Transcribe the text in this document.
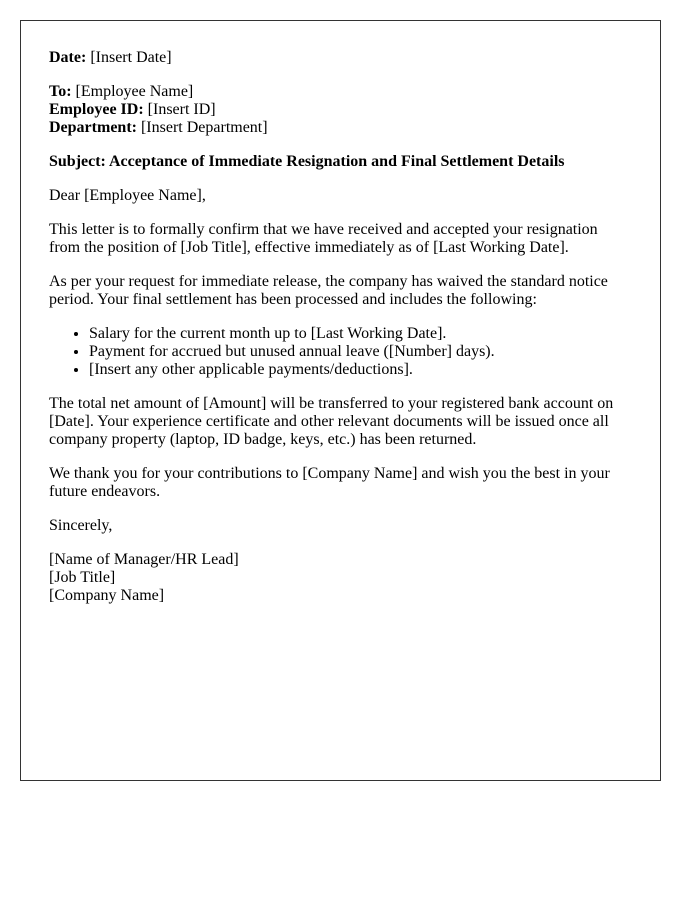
Date: [Insert Date]

To: [Employee Name]

Employee ID: [Insert ID]

Department: [Insert Department]

Subject: Acceptance of Immediate Resignation and Final Settlement Details

Dear [Employee Name],

This letter is to formally confirm that we have received and accepted your resignation from the position of [Job Title], effective immediately as of [Last Working Date].

As per your request for immediate release, the company has waived the standard notice period. Your final settlement has been processed and includes the following:

• Salary for the current month up to [Last Working Date].
• Payment for accrued but unused annual leave ([Number] days).
• [Insert any other applicable payments/deductions].

The total net amount of [Amount] will be transferred to your registered bank account on [Date]. Your experience certificate and other relevant documents will be issued once all company property (laptop, ID badge, keys, etc.) has been returned.

We thank you for your contributions to [Company Name] and wish you the best in your future endeavors.

Sincerely,

[Name of Manager/HR Lead]

[Job Title]

[Company Name]
